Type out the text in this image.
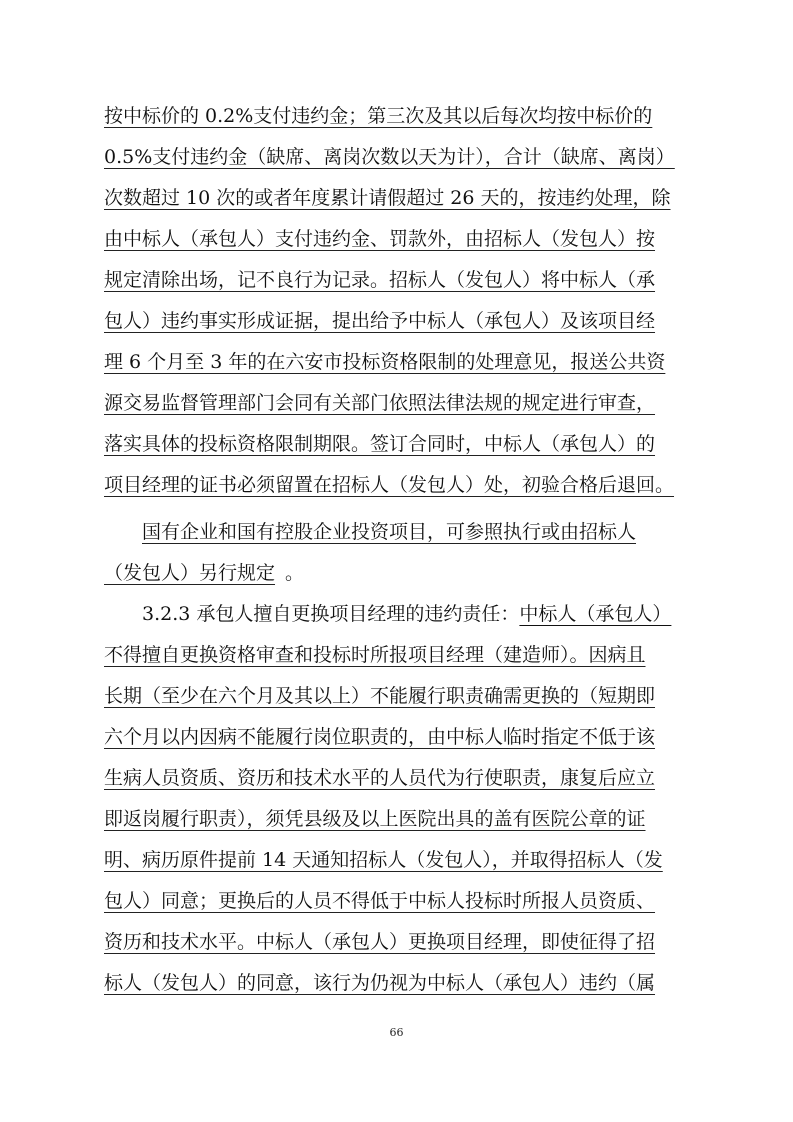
按中标价的 0.2%支付违约金；第三次及其以后每次均按中标价的
0.5%支付违约金（缺席、离岗次数以天为计），合计（缺席、离岗）
次数超过 10 次的或者年度累计请假超过 26 天的，按违约处理，除
由中标人（承包人）支付违约金、罚款外，由招标人（发包人）按
规定清除出场，记不良行为记录。招标人（发包人）将中标人（承
包人）违约事实形成证据，提出给予中标人（承包人）及该项目经
理 6 个月至 3 年的在六安市投标资格限制的处理意见，报送公共资
源交易监督管理部门会同有关部门依照法律法规的规定进行审查，
落实具体的投标资格限制期限。签订合同时，中标人（承包人）的
项目经理的证书必须留置在招标人（发包人）处，初验合格后退回。
国有企业和国有控股企业投资项目，可参照执行或由招标人
（发包人）另行规定 。
3.2.3 承包人擅自更换项目经理的违约责任：中标人（承包人）
不得擅自更换资格审查和投标时所报项目经理（建造师）。因病且
长期（至少在六个月及其以上）不能履行职责确需更换的（短期即
六个月以内因病不能履行岗位职责的，由中标人临时指定不低于该
生病人员资质、资历和技术水平的人员代为行使职责，康复后应立
即返岗履行职责），须凭县级及以上医院出具的盖有医院公章的证
明、病历原件提前 14 天通知招标人（发包人），并取得招标人（发
包人）同意；更换后的人员不得低于中标人投标时所报人员资质、
资历和技术水平。中标人（承包人）更换项目经理，即使征得了招
标人（发包人）的同意，该行为仍视为中标人（承包人）违约（属
66
